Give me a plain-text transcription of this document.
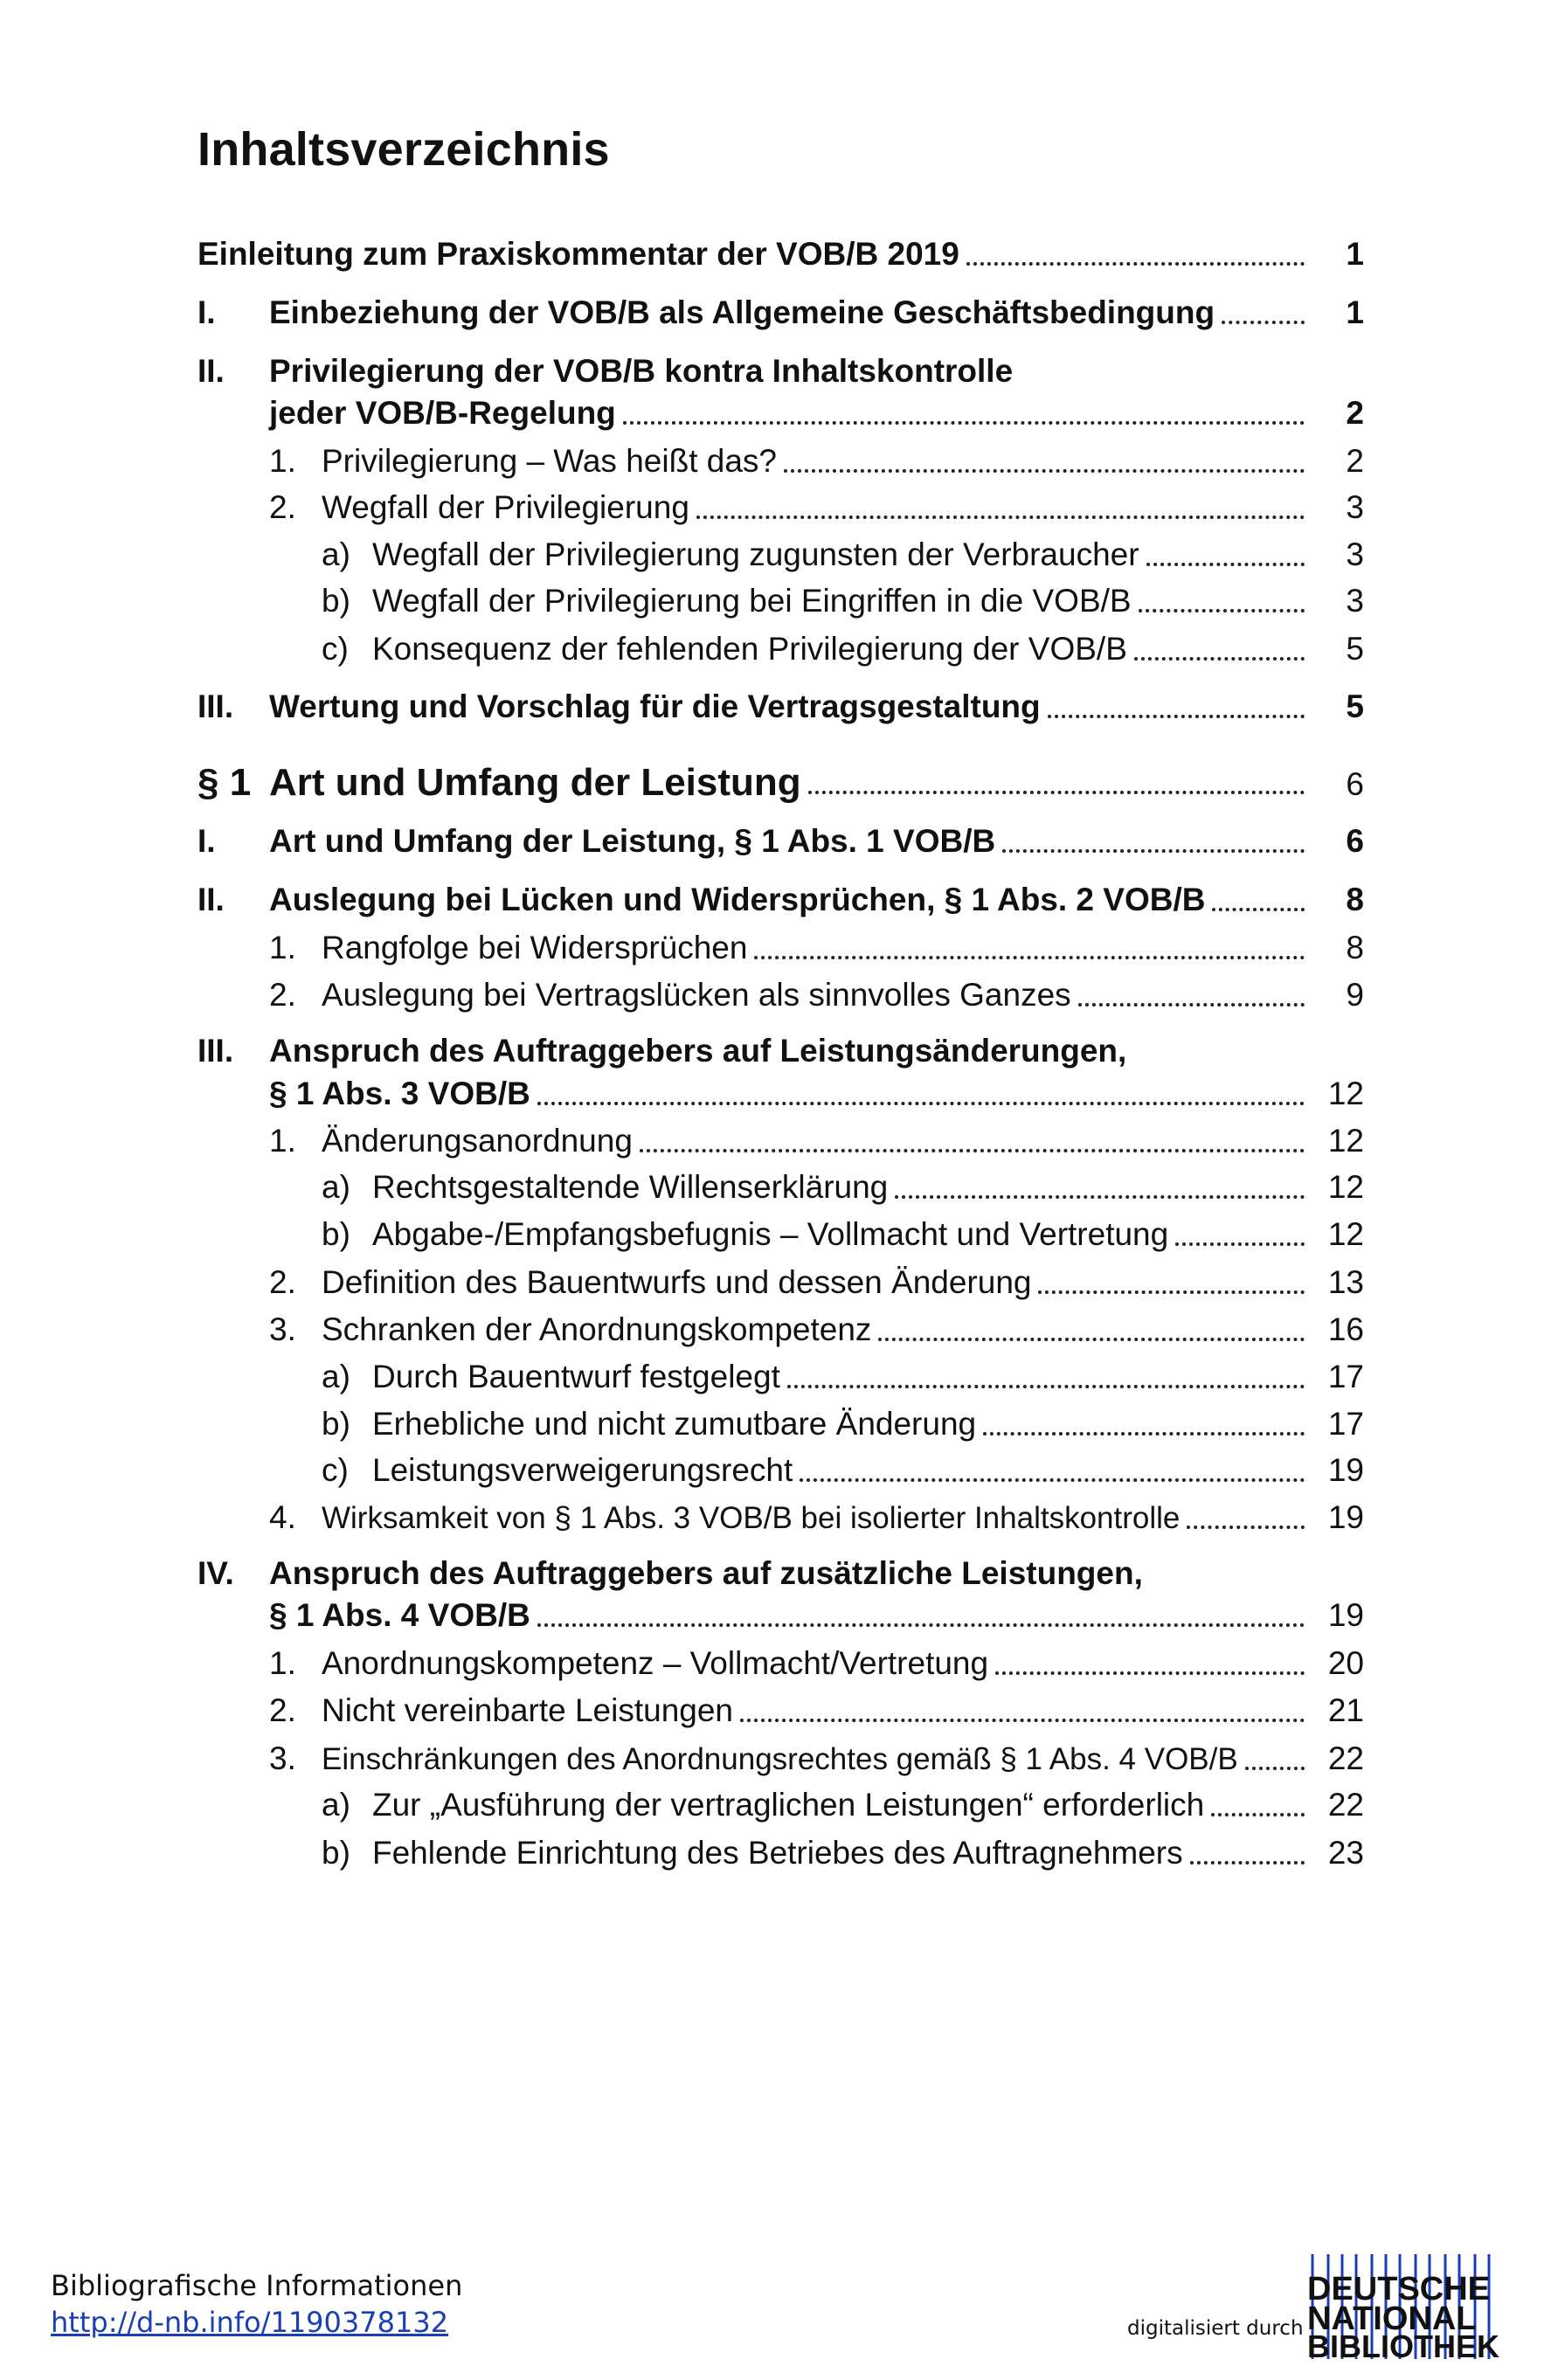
Inhaltsverzeichnis
Einleitung zum Praxiskommentar der VOB/B 2019	1
I.	Einbeziehung der VOB/B als Allgemeine Geschäftsbedingung	1
II. Privilegierung der VOB/B kontra Inhaltskontrolle
jeder VOB/B-Regelung	2
1. Privilegierung – Was heißt das?	2
2. Wegfall der Privilegierung	3
a) Wegfall der Privilegierung zugunsten der Verbraucher	3
b) Wegfall der Privilegierung bei Eingriffen in die VOB/B	3
c) Konsequenz der fehlenden Privilegierung der VOB/B	5
III.	Wertung und Vorschlag für die Vertragsgestaltung	5
§ 1 Art und Umfang der Leistung	6
I.	Art und Umfang der Leistung, § 1 Abs. 1 VOB/B	6
II.	Auslegung bei Lücken und Widersprüchen, § 1 Abs. 2 VOB/B	8
1. Rangfolge bei Widersprüchen	8
2. Auslegung bei Vertragslücken als sinnvolles Ganzes	9
III. Anspruch des Auftraggebers auf Leistungsänderungen,
§ 1 Abs. 3 VOB/B	12
1. Änderungsanordnung	12
a) Rechtsgestaltende Willenserklärung	12
b) Abgabe-/Empfangsbefugnis – Vollmacht und Vertretung	12
2. Definition des Bauentwurfs und dessen Änderung	13
3. Schranken der Anordnungskompetenz	16
a) Durch Bauentwurf festgelegt	17
b) Erhebliche und nicht zumutbare Änderung	17
c) Leistungsverweigerungsrecht	19
4. Wirksamkeit von § 1 Abs. 3 VOB/B bei isolierter Inhaltskontrolle	19
IV. Anspruch des Auftraggebers auf zusätzliche Leistungen,
§ 1 Abs. 4 VOB/B	19
1. Anordnungskompetenz – Vollmacht/Vertretung	20
2. Nicht vereinbarte Leistungen	21
3. Einschränkungen des Anordnungsrechtes gemäß § 1 Abs. 4 VOB/B	22
a) Zur „Ausführung der vertraglichen Leistungen“ erforderlich	22
b) Fehlende Einrichtung des Betriebes des Auftragnehmers	23
Bibliografische Informationen
http://d-nb.info/1190378132	digitalisiert durch
DEUTSCHE
NATIONAL
BIBLIOTHEK
